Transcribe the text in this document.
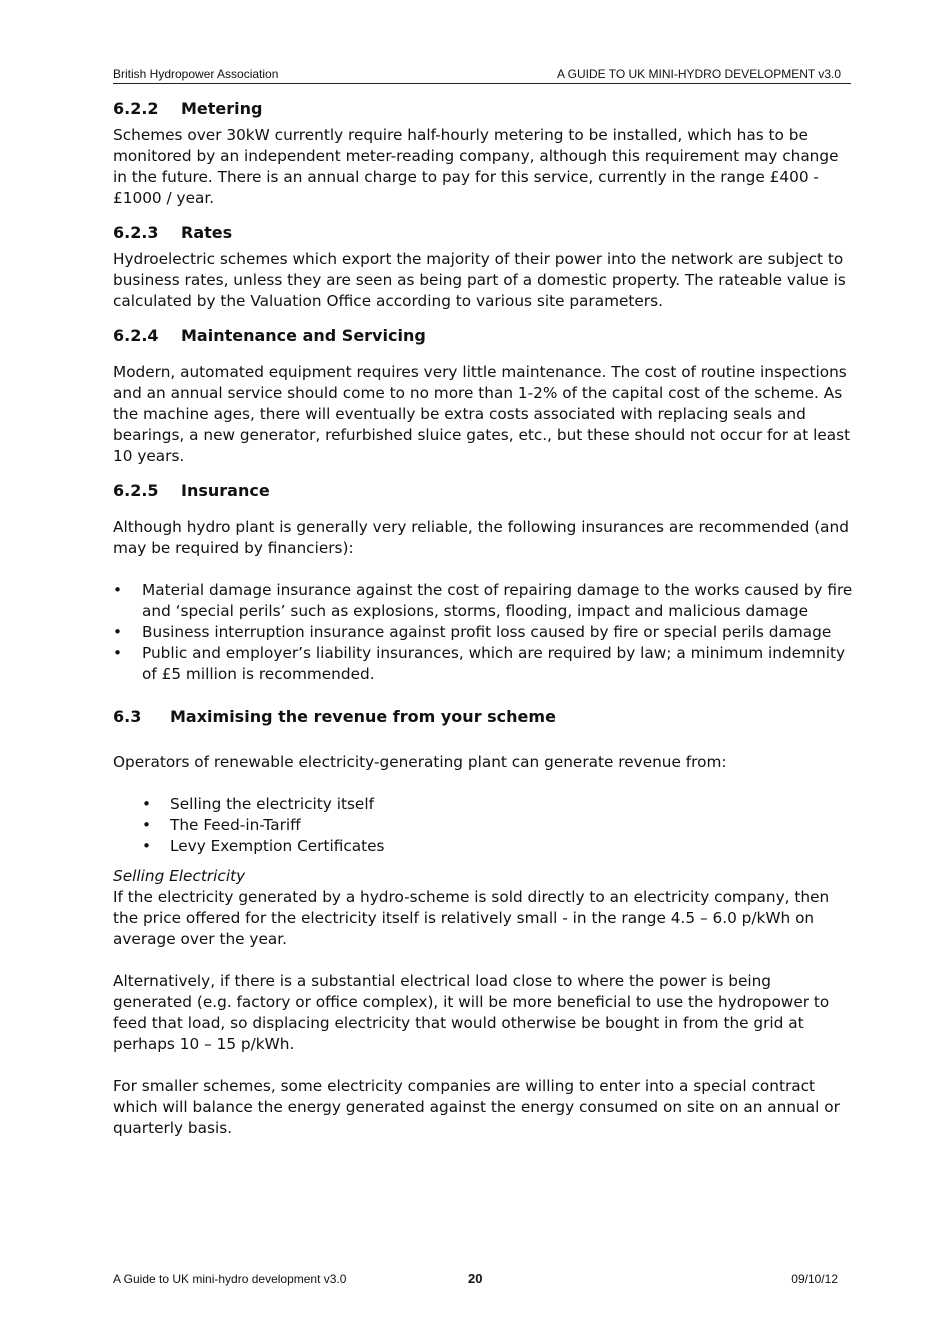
British Hydropower Association	A GUIDE TO UK MINI-HYDRO DEVELOPMENT v3.0
6.2.2 Metering

Schemes over 30kW currently require half-hourly metering to be installed, which has to be monitored by an independent meter-reading company, although this requirement may change in the future. There is an annual charge to pay for this service, currently in the range £400 - £1000 / year.

6.2.3 Rates

Hydroelectric schemes which export the majority of their power into the network are subject to business rates, unless they are seen as being part of a domestic property. The rateable value is calculated by the Valuation Office according to various site parameters.

6.2.4 Maintenance and Servicing

Modern, automated equipment requires very little maintenance. The cost of routine inspections and an annual service should come to no more than 1-2% of the capital cost of the scheme. As the machine ages, there will eventually be extra costs associated with replacing seals and bearings, a new generator, refurbished sluice gates, etc., but these should not occur for at least 10 years.

6.2.5 Insurance

Although hydro plant is generally very reliable, the following insurances are recommended (and may be required by financiers):

• Material damage insurance against the cost of repairing damage to the works caused by fire and ‘special perils’ such as explosions, storms, flooding, impact and malicious damage
• Business interruption insurance against profit loss caused by fire or special perils damage
• Public and employer’s liability insurances, which are required by law; a minimum indemnity of £5 million is recommended.
6.3 Maximising the revenue from your scheme

Operators of renewable electricity-generating plant can generate revenue from:

• Selling the electricity itself
• The Feed-in-Tariff
• Levy Exemption Certificates

Selling Electricity

If the electricity generated by a hydro-scheme is sold directly to an electricity company, then the price offered for the electricity itself is relatively small - in the range 4.5 – 6.0 p/kWh on average over the year.

Alternatively, if there is a substantial electrical load close to where the power is being generated (e.g. factory or office complex), it will be more beneficial to use the hydropower to feed that load, so displacing electricity that would otherwise be bought in from the grid at perhaps 10 – 15 p/kWh.

For smaller schemes, some electricity companies are willing to enter into a special contract which will balance the energy generated against the energy consumed on site on an annual or quarterly basis.

A Guide to UK mini-hydro development v3.0	20	09/10/12
